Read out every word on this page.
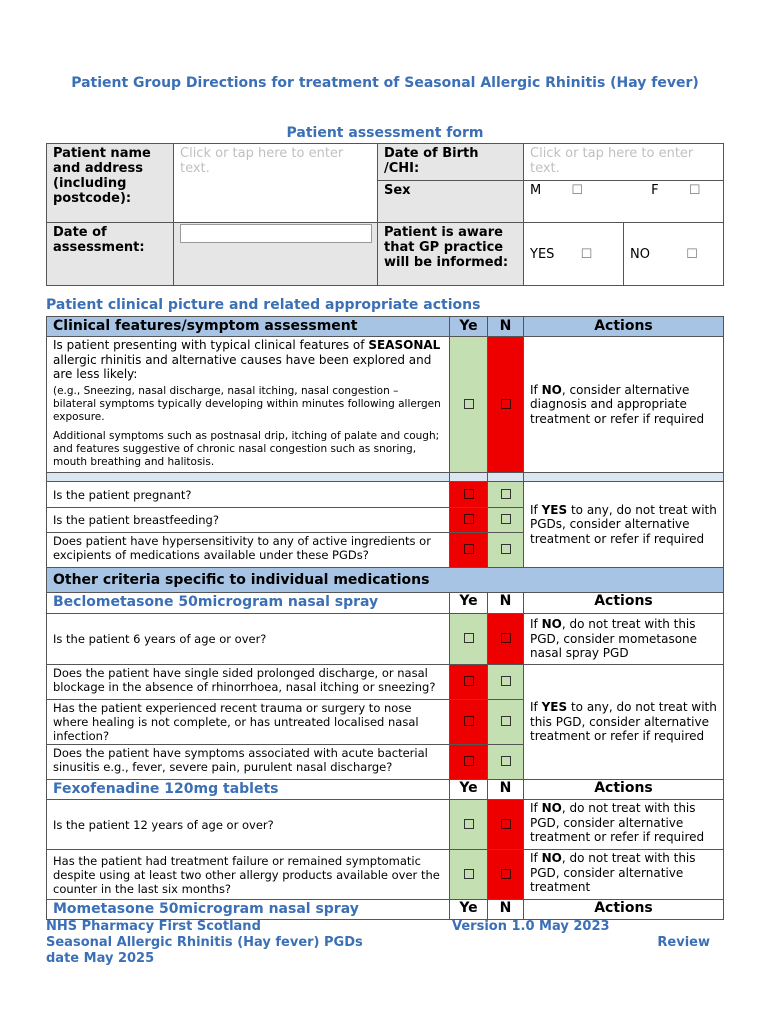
Patient Group Directions for treatment of Seasonal Allergic Rhinitis (Hay fever)
Patient assessment form
Patient name and address (including postcode):	Click or tap here to enter text.	Date of Birth /CHI:	Click or tap here to enter text.	
		Sex	M ☐ F ☐	
Date of assessment:		Patient is aware that GP practice will be informed:	YES ☐	NO ☐
Patient clinical picture and related appropriate actions
Clinical features/symptom assessment	Ye	N	Actions

Is patient presenting with typical clinical features of SEASONAL allergic rhinitis and alternative causes have been explored and are less likely:
(e.g., Sneezing, nasal discharge, nasal itching, nasal congestion – bilateral symptoms typically developing within minutes following allergen exposure.
Additional symptoms such as postnasal drip, itching of palate and cough; and features suggestive of chronic nasal congestion such as snoring, mouth breathing and halitosis.			If NO, consider alternative diagnosis and appropriate treatment or refer if required

Is the patient pregnant?			If YES to any, do not treat with PGDs, consider alternative treatment or refer if required
Is the patient breastfeeding?			

Does patient have hypersensitivity to any of active ingredients or excipients of medications available under these PGDs?			

Other criteria specific to individual medications			
Beclometasone 50microgram nasal spray	Ye	N	Actions
Is the patient 6 years of age or over?			If NO, do not treat with this PGD, consider mometasone nasal spray PGD

Does the patient have single sided prolonged discharge, or nasal blockage in the absence of rhinorrhoea, nasal itching or sneezing?			If YES to any, do not treat with this PGD, consider alternative treatment or refer if required

Has the patient experienced recent trauma or surgery to nose where healing is not complete, or has untreated localised nasal infection?			

Does the patient have symptoms associated with acute bacterial sinusitis e.g., fever, severe pain, purulent nasal discharge?			

Fexofenadine 120mg tablets	Ye	N	Actions
Is the patient 12 years of age or over?			If NO, do not treat with this PGD, consider alternative treatment or refer if required

Has the patient had treatment failure or remained symptomatic despite using at least two other allergy products available over the counter in the last six months?			If NO, do not treat with this PGD, consider alternative treatment
Mometasone 50microgram nasal spray	Ye	N	Actions
NHS Pharmacy First Scotland	Version 1.0 May 2023
Seasonal Allergic Rhinitis (Hay fever) PGDs	Review
date May 2025
